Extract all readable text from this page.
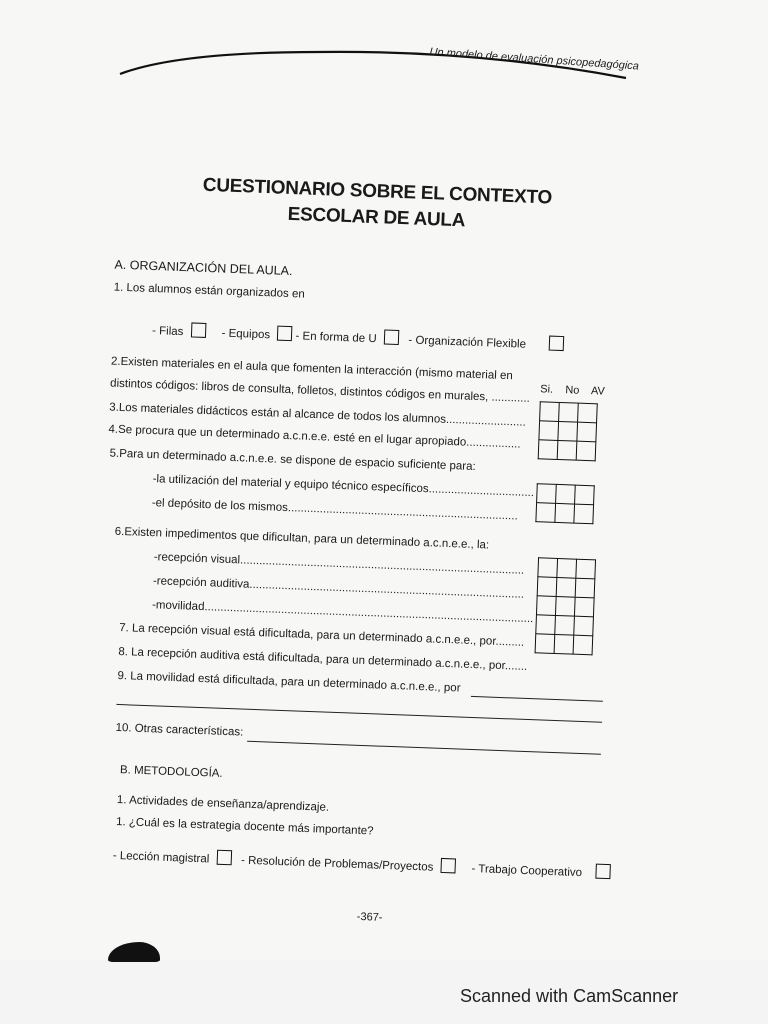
Un modelo de evaluación psicopedagógica
CUESTIONARIO SOBRE EL CONTEXTO
ESCOLAR DE AULA
A. ORGANIZACIÓN DEL AULA.
1. Los alumnos están organizados en
- Filas	- Equipos - En forma de U	- Organización Flexible
2.Existen materiales en el aula que fomenten la interacción (mismo material en
distintos códigos: libros de consulta, folletos, distintos códigos en murales, ............ Si. No AV

3.Los materiales didácticos están al alcance de todos los alumnos.........................
4.Se procura que un determinado a.c.n.e.e. esté en el lugar apropiado.................
5.Para un determinado a.c.n.e.e. se dispone de espacio suficiente para:
-la utilización del material y equipo técnico específicos.................................
-el depósito de los mismos........................................................................

6.Existen impedimentos que dificultan, para un determinado a.c.n.e.e., la:
-recepción visual.........................................................................................
-recepción auditiva......................................................................................
-movilidad.......................................................................................................

7. La recepción visual está dificultada, para un determinado a.c.n.e.e., por.........
8. La recepción auditiva está dificultada, para un determinado a.c.n.e.e., por.......
9. La movilidad está dificultada, para un determinado a.c.n.e.e., por
10. Otras características:
B. METODOLOGÍA.
1. Actividades de enseñanza/aprendizaje.
1. ¿Cuál es la estrategia docente más importante?
- Lección magistral	- Resolución de Problemas/Proyectos	- Trabajo Cooperativo
-367-
Scanned with CamScanner
